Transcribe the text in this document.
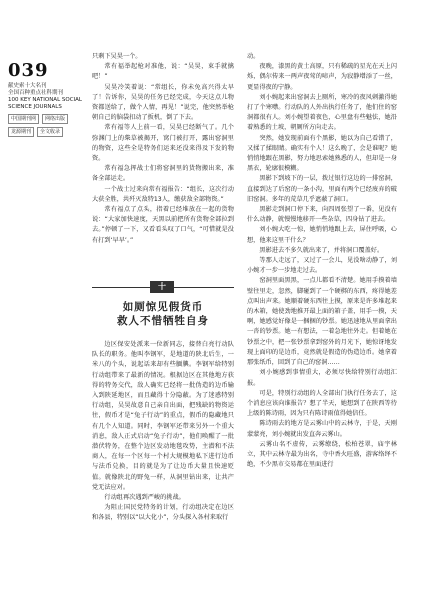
039
献史索十大名刊
全国百种重点社科期刊
100 KEY NATIONAL SOCIAL
SCIENCE JOURNALS
中国期刊网	网络出版
龙源期刊	全文收录

只剩下吴昊一个。

常有福举起枪对准他，说：“吴昊，束手就擒吧！”

吴昊冷笑着说：“常组长，你未免高兴得太早了！告诉你，吴昊的任务已经完成，今天这点儿物资都送给了，做个人情，再见！”说完，他突然举枪朝自己的脑袋扣动了扳机，倒了下去。

常有福等人上前一看，吴昊已经断气了。几个弥渊门上的柴草被揭开，窝门被打开，露出窑洞里的物资，这些全是特务们运来还没来得及下发的物资。

常有福急挥战士们将窑洞里的货物搬出来，准备全部运走。

一个战士过来向常有福报告：“组长，这次行动大获全胜，共歼灭敌特13人，缴获敌全部物资。”

常有福点了点头，指着已经堆放在一起的货物说：“大家加快速度，天黑以前把所有货物全部拉到去。”停顿了一下，又看看头叹了口气，“可惜就是没有打到‘早早’。”

十
如厕惊见假货币
救人不惜牺牲自身

边区保安处派来一位新同志，接替白亮行动队队长的职务。他叫李钢军，是地道的陕北后生，一米八的个头，说起话来却有些腼腆。李钢军给特别行动组带来了最新的情况。根据边区在其他地方获得的特务交代，敌人确实已经将一批伪造的边币输入到陕延地区，而且藏得十分隐蔽。为了迷惑特别行动组，吴昊故意自己亲自出面，把残缺的物资运往，假币才是“兔子行动”的重点，假币的隐藏地只有几个人知道。同时，李钢军还带来另外一个重大消息，敌人正式启动“兔子行动”，他们唤醒了一批潜伏特务，在整个边区发动地毯攻势，主潜和不法商人，在每一个区每一个村大规模地私下进行边币与法币兑换，目的就是为了让边币大量且快速贬值。就像陕北的野兔一样，从洞里钻出来，让共产党无法应对。

行动组再次遇到严峻的挑战。

为阻止国民党特务的计划，行动组决定在边区和各县，特别以“以大化小”，分头探入各村来取行

动。

夜晚，漆黑的黄土高原，只有稀疏的星光在天上闪烁，偶尔传来一两声夜莺的啼声，为寂静增添了一丝，更显得夜的宁静。

刘小婉起来出窑洞去上厕所，寒冷的夜风刺激得她打了个寒噤。行动队的人外出执行任务了，他们住的窑洞都很有人。刘小婉望着夜色，心里盘有些魅怯，她沿着熟悉的土坡，朝厕所方向走去。

突然，她发现前面有个黑影，她以为自己看错了，又揉了揉眼睛。确实有个人！这么晚了，会是谁呢？她悄悄地跟在黑影，努力地思索她熟悉的人，但却是一身黑衣，轮廓很模糊。

黑影下到坡下的一层，拨过银行这边的一排窑洞，直接到达了后窑的一条小沟，里面有两个已经废弃的破旧窑洞。多年的荒草几乎遮蔽了洞口。

黑影走到洞口停下来，向四周张望了一番，见没有什么动静，就慢慢地移开一些杂草，四身钻了进去。

刘小婉大吃一惊，她悄悄地跟上去，屏住呼吸，心想，他来这里干什么？

黑影进去不多久就出来了，并将洞口覆盖好。

等那人走远了，又过了一会儿，见没啥动静了，刘小婉才一步一步地走过去。

窑洞里面黑黑，一点儿都看不清楚。她用手摸着墙壁往里走，忽然，脚碰到了一个硬梆的东西，疼得她差点叫出声来。她顺着硬东西往上摸，原来是许多堆起来的木箱，她使劲地推开最上面的箱子盖，用手一摸，天啊，她感觉好像是一捆捆的钞票。她迅速地从里面拿出一沓的钞票。她一有想法，一着急地往外走。但着她在钞票之中，把一张钞票拿到窑外的月光下，她惊讶地发现上面印的是边币，竟然就是假造的伪造边币。她拿着那张纸币，回到了自己的窑洞……

刘小婉感到事情重大，必须尽快给特别行动组汇报。

可是，特别行动组的人全部出门执行任务去了，这个消息应该向谁报告？想了半天，她想到了在陕西等待上级的陈诗雨，因为只有陈诗雨值得她信任。

陈诗雨去的地方是云雾山中的云林寺，于是，天刚蒙蒙亮，刘小婉就出发直奔云雾山。

云雾山名不虚传，云雾缭绕，松柏苍翠，庙宇林立，其中云林寺最为出名，寺中香火旺盛，游客络绎不绝，不少黑市交易都在里面进行
